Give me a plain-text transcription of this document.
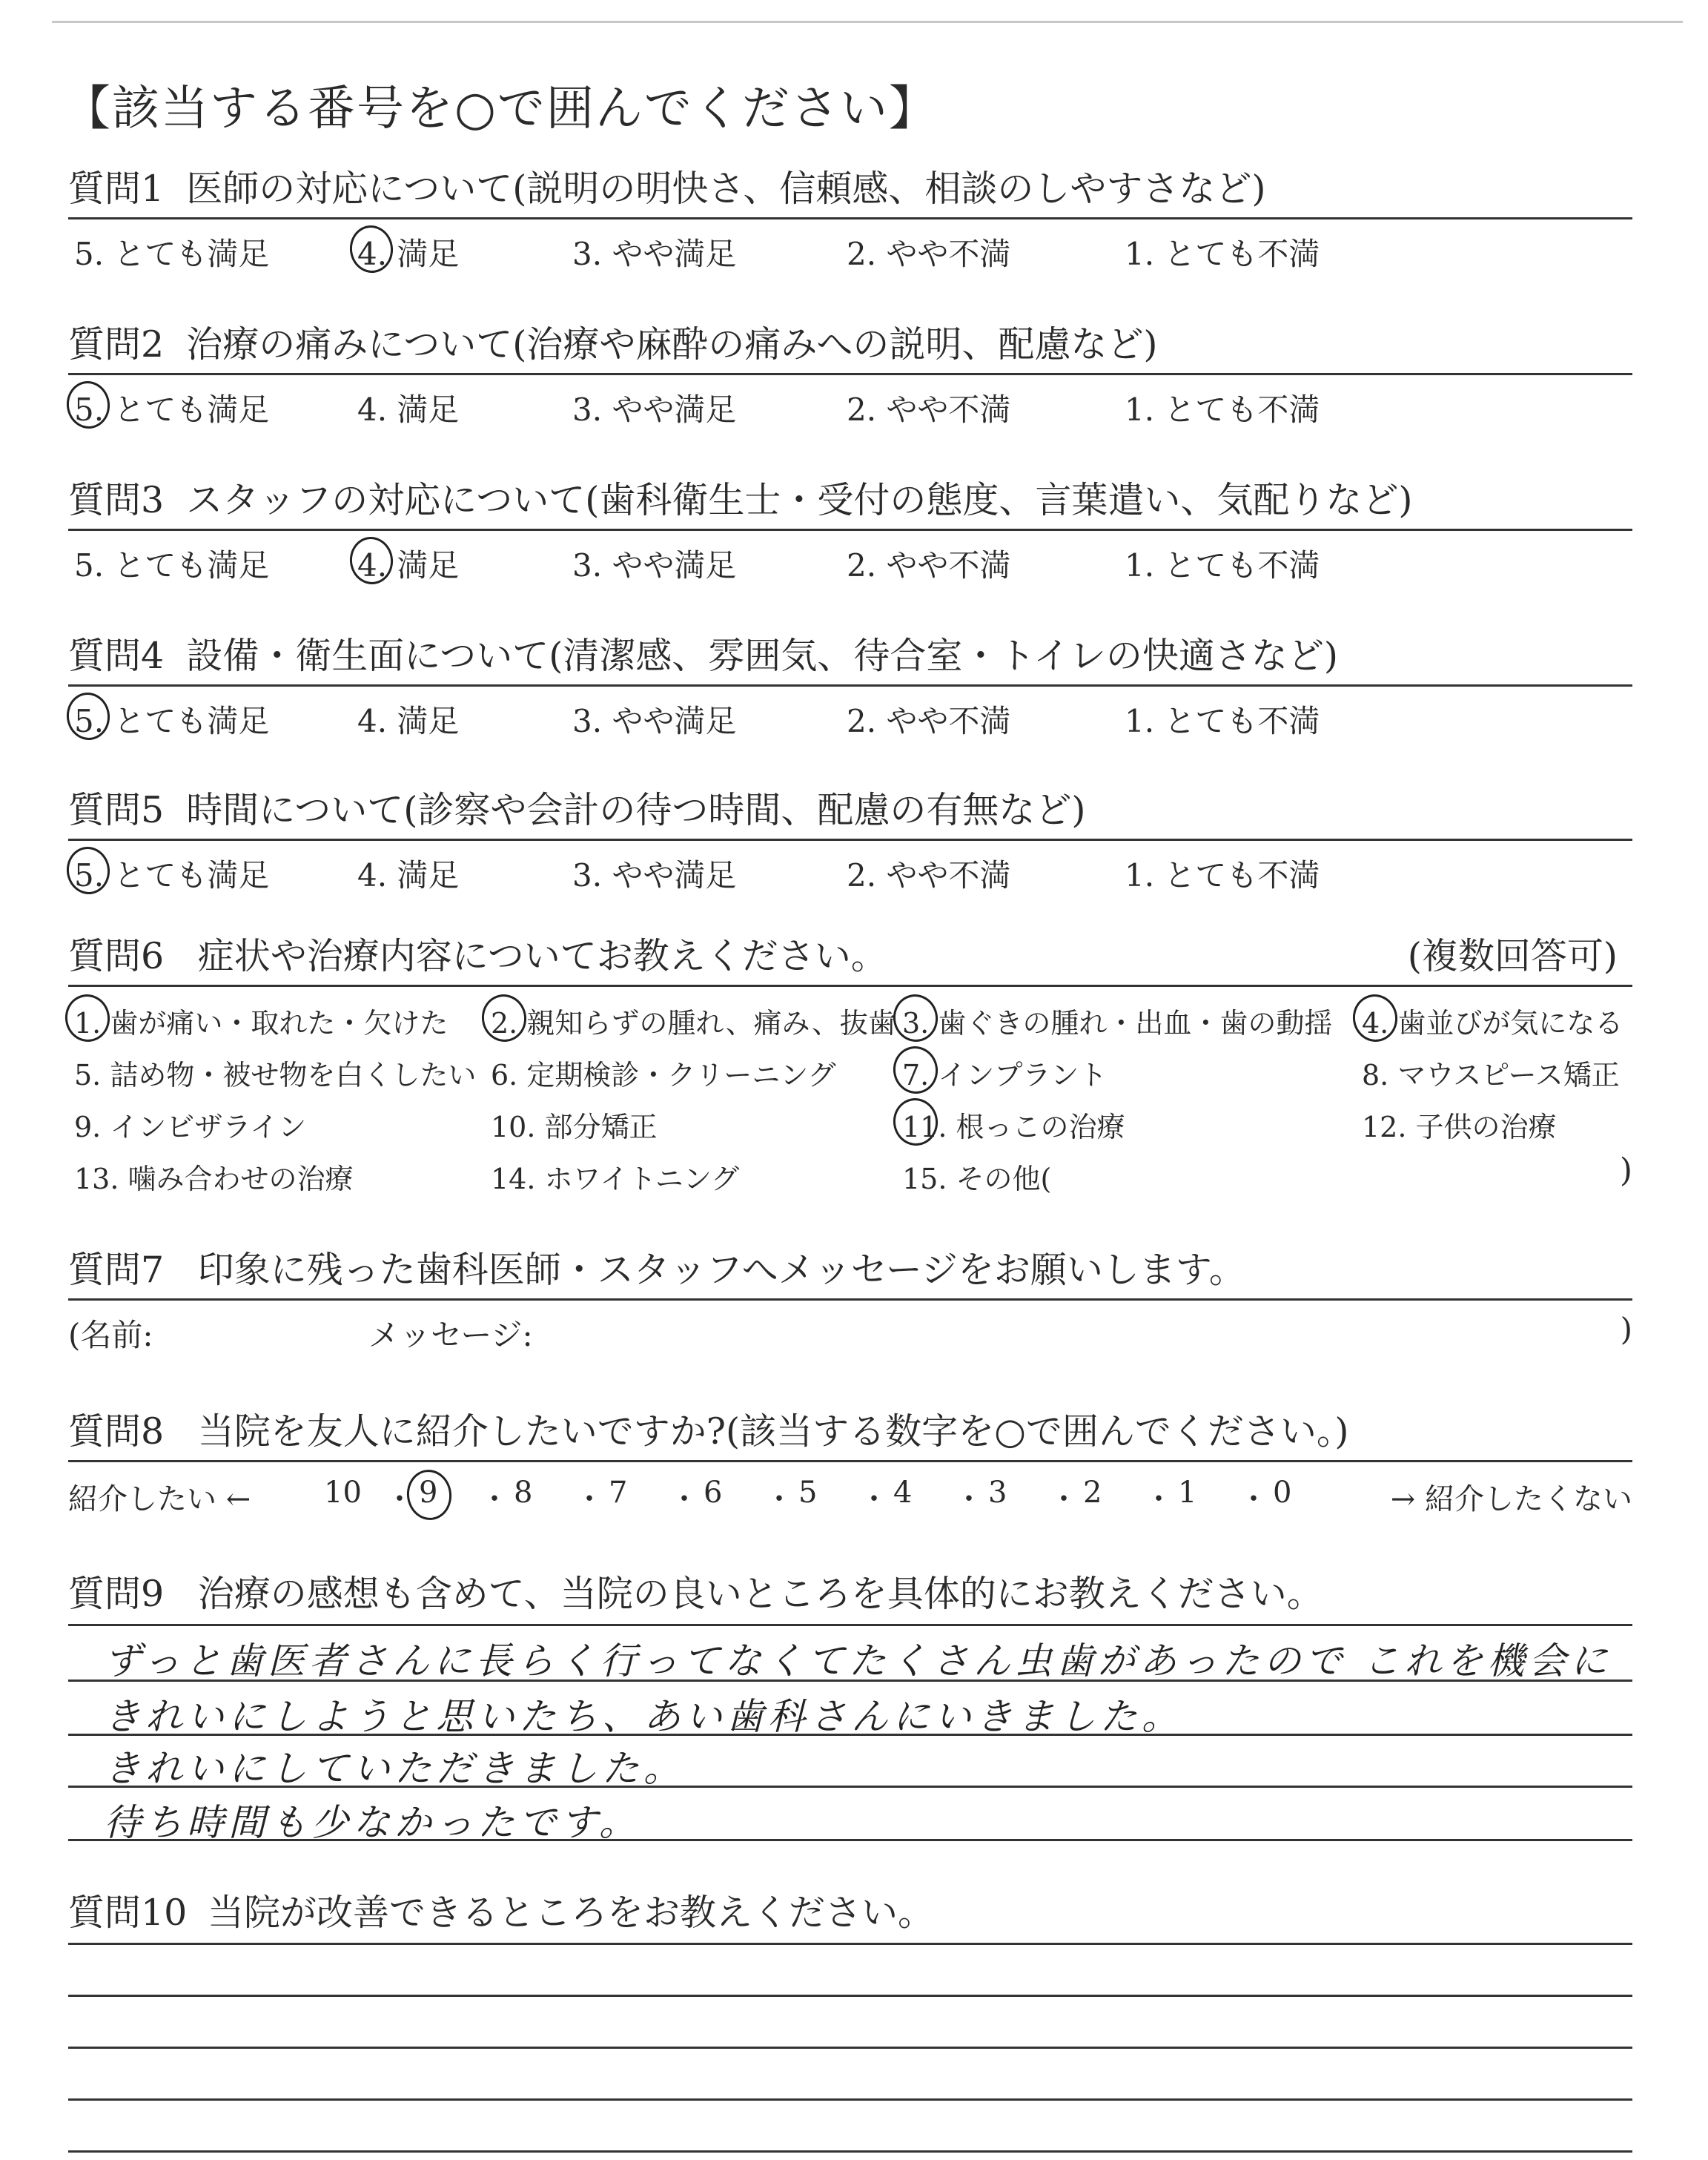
【該当する番号を○で囲んでください】
質問1 医師の対応について(説明の明快さ、信頼感、相談のしやすさなど)
5. とても満足	4. 満足	3. やや満足	2. やや不満	1. とても不満
質問2 治療の痛みについて(治療や麻酔の痛みへの説明、配慮など)
5. とても満足	4. 満足	3. やや満足	2. やや不満	1. とても不満
質問3 スタッフの対応について(歯科衛生士・受付の態度、言葉遣い、気配りなど)
5. とても満足	4. 満足	3. やや満足	2. やや不満	1. とても不満
質問4 設備・衛生面について(清潔感、雰囲気、待合室・トイレの快適さなど)
5. とても満足	4. 満足	3. やや満足	2. やや不満	1. とても不満
質問5 時間について(診察や会計の待つ時間、配慮の有無など)
5. とても満足	4. 満足	3. やや満足	2. やや不満	1. とても不満
質問6 症状や治療内容についてお教えください。	(複数回答可)
)
1. 歯が痛い・取れた・欠けた 2. 親知らずの腫れ、痛み、抜歯 3. 歯ぐきの腫れ・出血・歯の動揺 4. 歯並びが気になる
5. 詰め物・被せ物を白くしたい 6. 定期検診・クリーニング 7. インプラント	8. マウスピース矯正
9. インビザライン	10. 部分矯正	11. 根っこの治療	12. 子供の治療
13. 噛み合わせの治療	14. ホワイトニング	15. その他(
質問7 印象に残った歯科医師・スタッフへメッセージをお願いします。
(名前:	メッセージ:	)
質問8 当院を友人に紹介したいですか?(該当する数字を○で囲んでください。)
紹介したい ←	→ 紹介したくない
10 ・ 9 ・ 8 ・ 7 ・ 6 ・ 5 ・ 4 ・ 3 ・ 2 ・ 1 ・ 0
質問9 治療の感想も含めて、当院の良いところを具体的にお教えください。
ずっと歯医者さんに長らく行ってなくてたくさん虫歯があったので これを機会に
きれいにしようと思いたち、あい歯科さんにいきました。
きれいにしていただきました。
待ち時間も少なかったです。
質問10 当院が改善できるところをお教えください。
